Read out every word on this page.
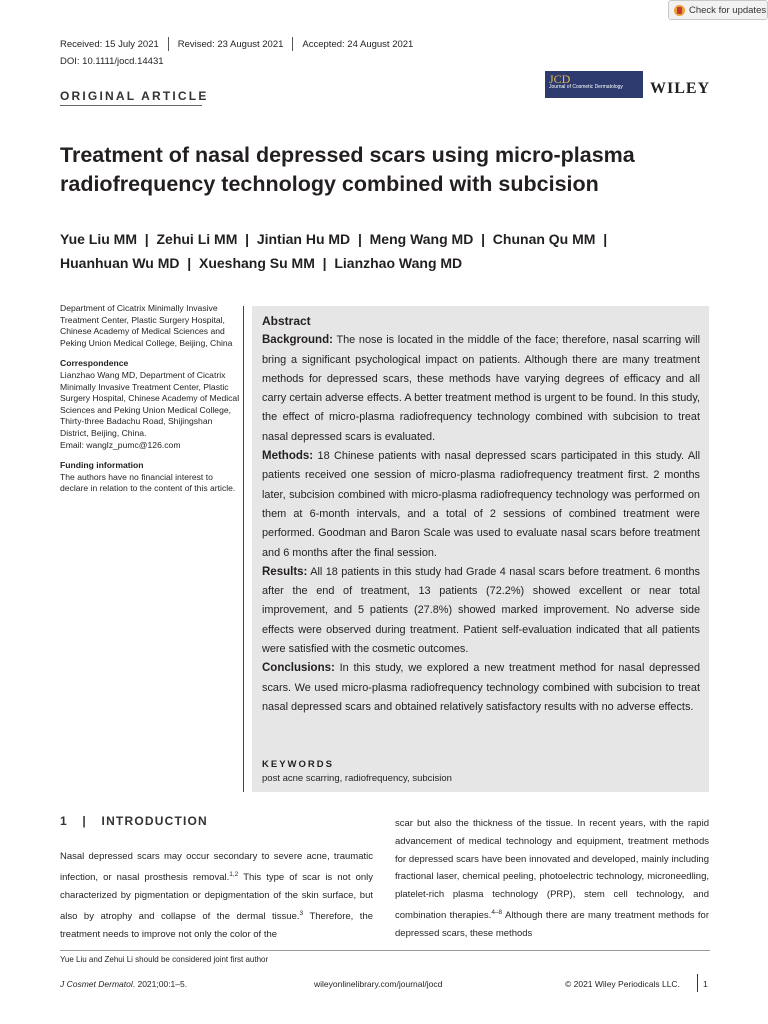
Check for updates
Received: 15 July 2021 Revised: 23 August 2021 Accepted: 24 August 2021
DOI: 10.1111/jocd.14431
ORIGINAL ARTICLE
JCD
Journal of Cosmetic Dermatology	WILEY
Treatment of nasal depressed scars using micro-plasma radiofrequency technology combined with subcision
Yue Liu MM  |  Zehui Li MM  |  Jintian Hu MD  |  Meng Wang MD  |  Chunan Qu MM  |
Huanhuan Wu MD  |  Xueshang Su MM  |  Lianzhao Wang MD
Department of Cicatrix Minimally Invasive Treatment Center, Plastic Surgery Hospital, Chinese Academy of Medical Sciences and Peking Union Medical College, Beijing, China
Correspondence
Lianzhao Wang MD, Department of Cicatrix Minimally Invasive Treatment Center, Plastic Surgery Hospital, Chinese Academy of Medical Sciences and Peking Union Medical College, Thirty-three Badachu Road, Shijingshan District, Beijing, China.
Email: wanglz_pumc@126.com
Funding information
The authors have no financial interest to declare in relation to the content of this article.
Abstract

Background: The nose is located in the middle of the face; therefore, nasal scarring will bring a significant psychological impact on patients. Although there are many treatment methods for depressed scars, these methods have varying degrees of efficacy and all carry certain adverse effects. A better treatment method is urgent to be found. In this study, the effect of micro-plasma radiofrequency technology combined with subcision to treat nasal depressed scars is evaluated.

Methods: 18 Chinese patients with nasal depressed scars participated in this study. All patients received one session of micro-plasma radiofrequency treatment first. 2 months later, subcision combined with micro-plasma radiofrequency technology was performed on them at 6-month intervals, and a total of 2 sessions of combined treatment were performed. Goodman and Baron Scale was used to evaluate nasal scars before treatment and 6 months after the final session.

Results: All 18 patients in this study had Grade 4 nasal scars before treatment. 6 months after the end of treatment, 13 patients (72.2%) showed excellent or near total improvement, and 5 patients (27.8%) showed marked improvement. No adverse side effects were observed during treatment. Patient self-evaluation indicated that all patients were satisfied with the cosmetic outcomes.

Conclusions: In this study, we explored a new treatment method for nasal depressed scars. We used micro-plasma radiofrequency technology combined with subcision to treat nasal depressed scars and obtained relatively satisfactory results with no adverse effects.

KEYWORDS
post acne scarring, radiofrequency, subcision
1 | INTRODUCTION

Nasal depressed scars may occur secondary to severe acne, traumatic infection, or nasal prosthesis removal.$^{1,2}$ This type of scar is not only characterized by pigmentation or depigmentation of the skin surface, but also by atrophy and collapse of the dermal tissue.$^3$ Therefore, the treatment needs to improve not only the color of the

scar but also the thickness of the tissue. In recent years, with the rapid advancement of medical technology and equipment, treatment methods for depressed scars have been innovated and developed, mainly including fractional laser, chemical peeling, photoelectric technology, microneedling, platelet-rich plasma technology (PRP), stem cell technology, and combination therapies.$^{4-8}$ Although there are many treatment methods for depressed scars, these methods

Yue Liu and Zehui Li should be considered joint first author
J Cosmet Dermatol. 2021;00:1–5.	wileyonlinelibrary.com/journal/jocd	© 2021 Wiley Periodicals LLC.	1
